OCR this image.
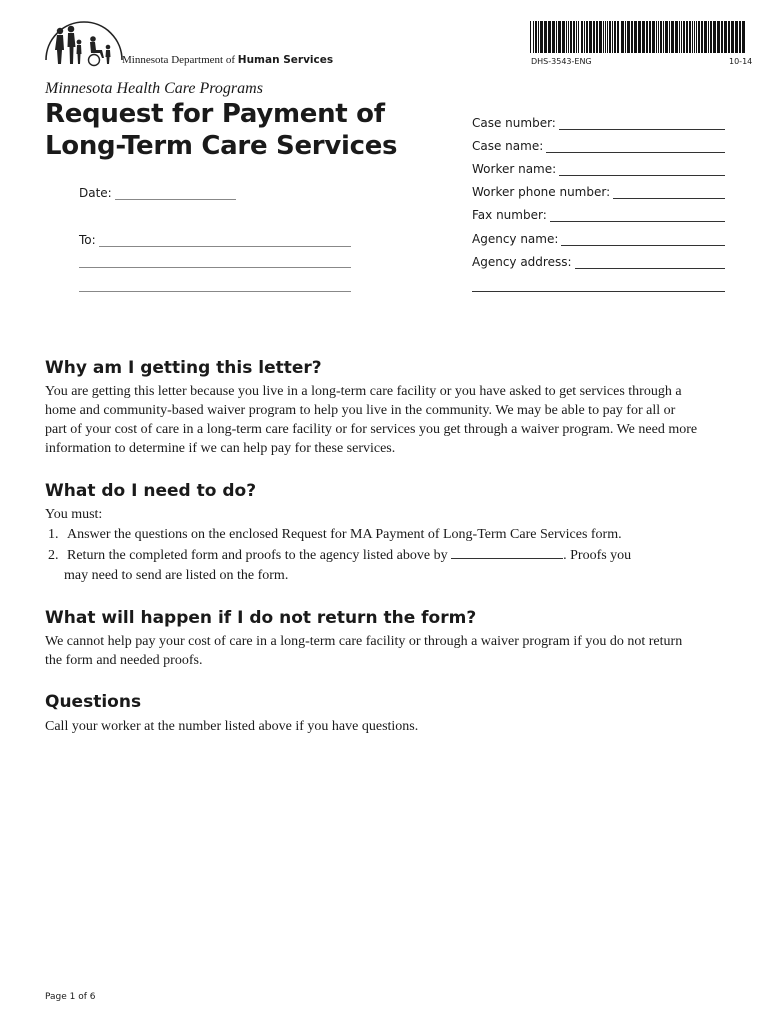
Minnesota Department of Human Services	DHS-3543-ENG	10-14
Minnesota Health Care Programs
Request for Payment of
Long-Term Care Services
Date:
To:
Case number:
Case name:
Worker name:
Worker phone number:
Fax number:
Agency name:
Agency address:
Why am I getting this letter?
You are getting this letter because you live in a long-term care facility or you have asked to get services through a
home and community-based waiver program to help you live in the community. We may be able to pay for all or
part of your cost of care in a long-term care facility or for services you get through a waiver program. We need more
information to determine if we can help pay for these services.
What do I need to do?
You must:
1. Answer the questions on the enclosed Request for MA Payment of Long-Term Care Services form.
2. Return the completed form and proofs to the agency listed above by	. Proofs you
may need to send are listed on the form.
What will happen if I do not return the form?
We cannot help pay your cost of care in a long-term care facility or through a waiver program if you do not return
the form and needed proofs.
Questions
Call your worker at the number listed above if you have questions.
Page 1 of 6
